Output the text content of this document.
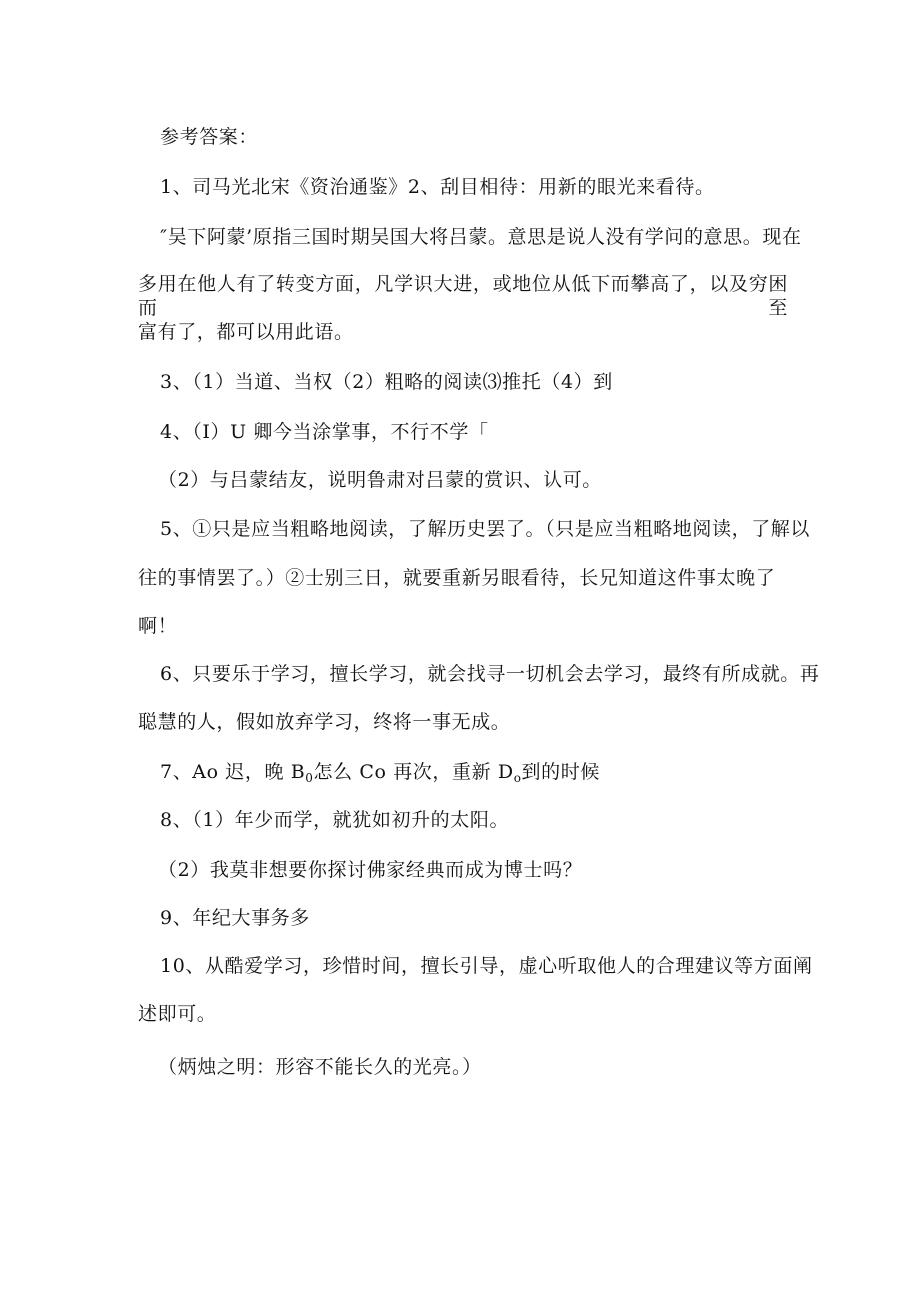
参考答案：
1、司马光北宋《资治通鉴》2、刮目相待：用新的眼光来看待。
″吴下阿蒙’原指三国时期吴国大将吕蒙。意思是说人没有学问的意思。现在
多用在他人有了转变方面，凡学识大进，或地位从低下而攀高了，以及穷困而至
富有了，都可以用此语。
3、（1）当道、当权（2）粗略的阅读⑶推托（4）到
4、（I）U 卿今当涂掌事，不行不学「
（2）与吕蒙结友，说明鲁肃对吕蒙的赏识、认可。
5、①只是应当粗略地阅读，了解历史罢了。（只是应当粗略地阅读，了解以
往的事情罢了。）②士别三日，就要重新另眼看待，长兄知道这件事太晚了
啊！
6、只要乐于学习，擅长学习，就会找寻一切机会去学习，最终有所成就。再
聪慧的人，假如放弃学习，终将一事无成。
7、Ao 迟，晚 $B_0$怎么 Co 再次，重新 $D_o$到的时候
8、（1）年少而学，就犹如初升的太阳。
（2）我莫非想要你探讨佛家经典而成为博士吗？
9、年纪大事务多
10、从酷爱学习，珍惜时间，擅长引导，虚心听取他人的合理建议等方面阐
述即可。
（炳烛之明：形容不能长久的光亮。）
